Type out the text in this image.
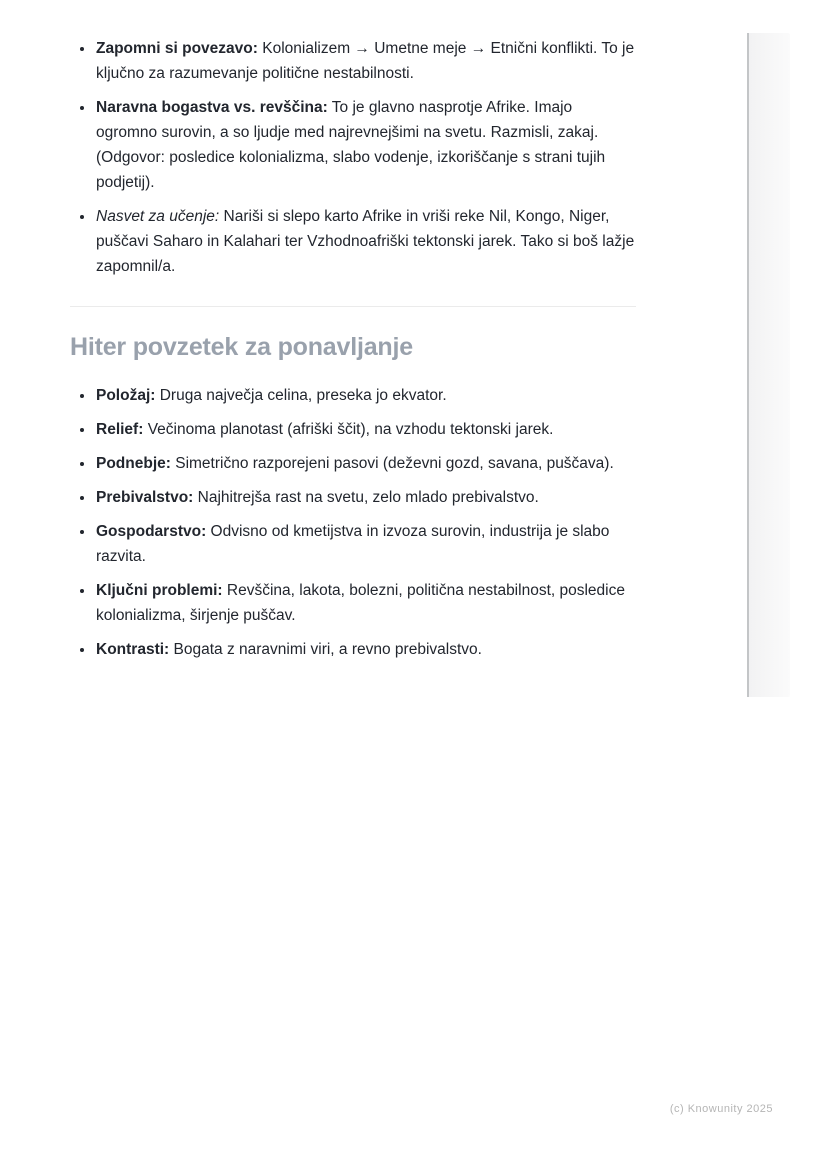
• Zapomni si povezavo: Kolonializem → Umetne meje → Etnični konflikti. To je ključno za razumevanje politične nestabilnosti.
• Naravna bogastva vs. revščina: To je glavno nasprotje Afrike. Imajo ogromno surovin, a so ljudje med najrevnejšimi na svetu. Razmisli, zakaj. (Odgovor: posledice kolonializma, slabo vodenje, izkoriščanje s strani tujih podjetij).
• Nasvet za učenje: Nariši si slepo karto Afrike in vriši reke Nil, Kongo, Niger, puščavi Saharo in Kalahari ter Vzhodnoafriški tektonski jarek. Tako si boš lažje zapomnil/a.
Hiter povzetek za ponavljanje
• Položaj: Druga največja celina, preseka jo ekvator.
• Relief: Večinoma planotast (afriški ščit), na vzhodu tektonski jarek.
• Podnebje: Simetrično razporejeni pasovi (deževni gozd, savana, puščava).
• Prebivalstvo: Najhitrejša rast na svetu, zelo mlado prebivalstvo.
• Gospodarstvo: Odvisno od kmetijstva in izvoza surovin, industrija je slabo razvita.
• Ključni problemi: Revščina, lakota, bolezni, politična nestabilnost, posledice kolonializma, širjenje puščav.
• Kontrasti: Bogata z naravnimi viri, a revno prebivalstvo.
(c) Knowunity 2025
